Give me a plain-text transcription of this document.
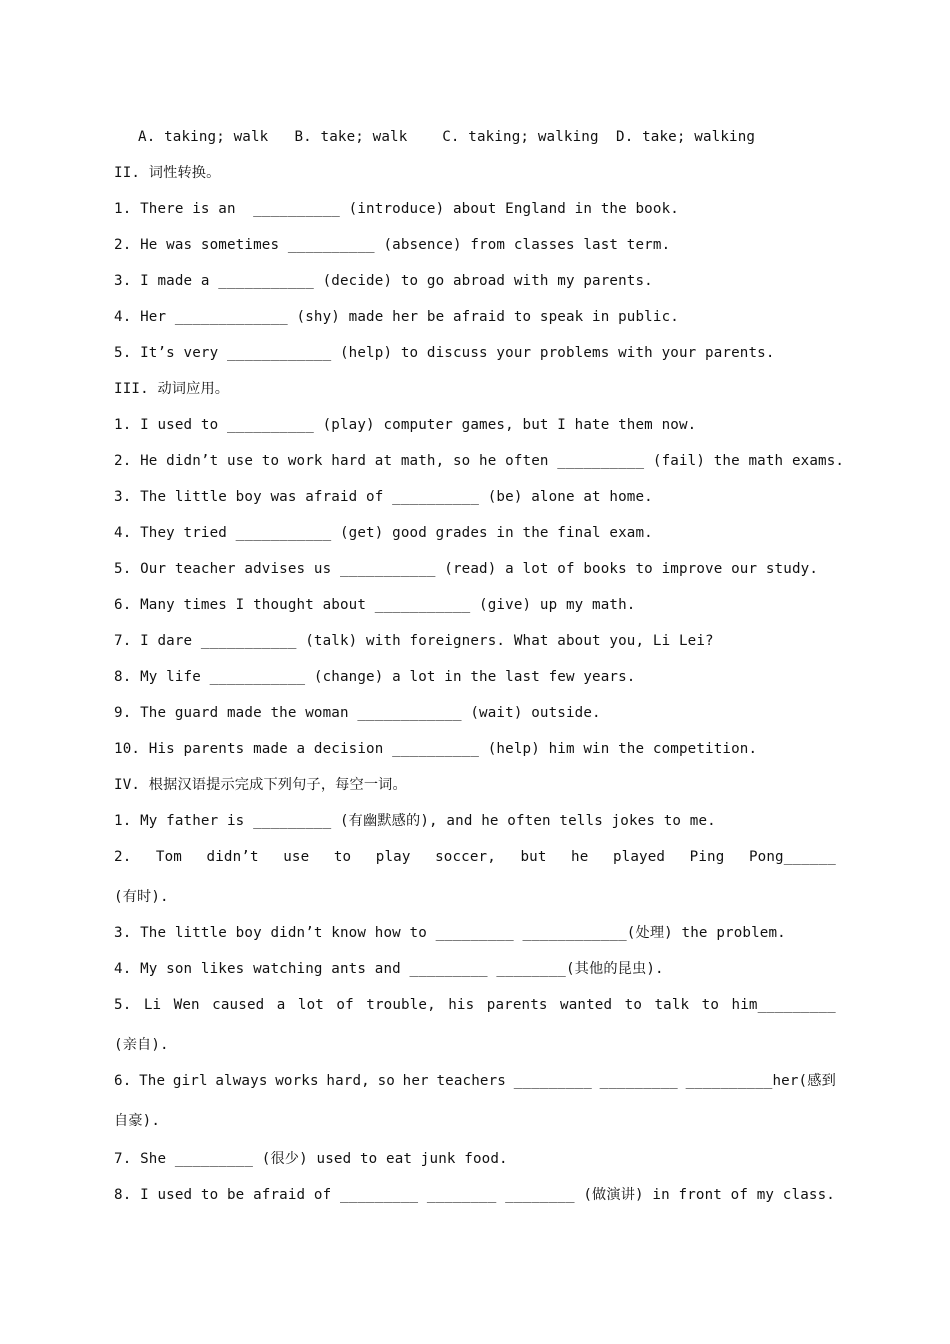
A. taking; walk   B. take; walk    C. taking; walking  D. take; walking
II. 词性转换。
1. There is an  __________ (introduce) about England in the book.
2. He was sometimes __________ (absence) from classes last term.
3. I made a ___________ (decide) to go abroad with my parents.
4. Her _____________ (shy) made her be afraid to speak in public.
5. It’s very ____________ (help) to discuss your problems with your parents.
III. 动词应用。
1. I used to __________ (play) computer games, but I hate them now.
2. He didn’t use to work hard at math, so he often __________ (fail) the math exams.
3. The little boy was afraid of __________ (be) alone at home.
4. They tried ___________ (get) good grades in the final exam.
5. Our teacher advises us ___________ (read) a lot of books to improve our study.
6. Many times I thought about ___________ (give) up my math.
7. I dare ___________ (talk) with foreigners. What about you, Li Lei?
8. My life ___________ (change) a lot in the last few years.
9. The guard made the woman ____________ (wait) outside.
10. His parents made a decision __________ (help) him win the competition.
IV. 根据汉语提示完成下列句子，每空一词。
1. My father is _________ (有幽默感的), and he often tells jokes to me.
2. Tom didn’t use to play soccer, but he played Ping Pong______
(有时).
3. The little boy didn’t know how to _________ ____________(处理) the problem.
4. My son likes watching ants and _________ ________(其他的昆虫).
5. Li Wen caused a lot of trouble, his parents wanted to talk to him_________
(亲自).
6. The girl always works hard, so her teachers _________ _________ __________her(感到
自豪).
7. She _________ (很少) used to eat junk food.
8. I used to be afraid of _________ ________ ________ (做演讲) in front of my class.
